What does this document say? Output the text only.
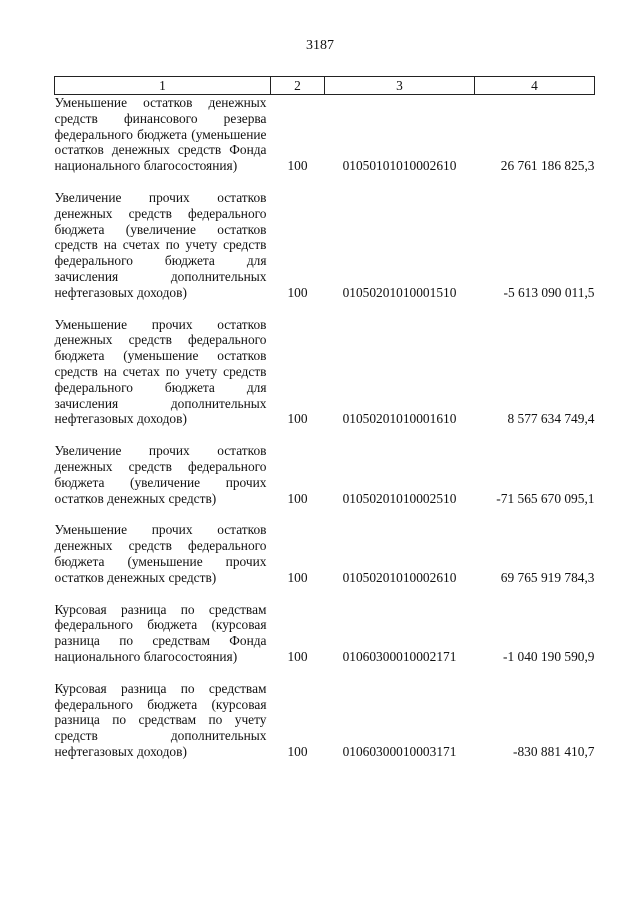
3187
1	2	3	4
Уменьшение остатков денежных средств финансового резерва федерального бюджета (уменьшение остатков денежных средств Фонда национального благосостояния)	100	01050101010002610	26 761 186 825,3
Увеличение прочих остатков денежных средств федерального бюджета (увеличение остатков средств на счетах по учету средств федерального бюджета для зачисления дополнительных нефтегазовых доходов)	100	01050201010001510	-5 613 090 011,5
Уменьшение прочих остатков денежных средств федерального бюджета (уменьшение остатков средств на счетах по учету средств федерального бюджета для зачисления дополнительных нефтегазовых доходов)	100	01050201010001610	8 577 634 749,4
Увеличение прочих остатков денежных средств федерального бюджета (увеличение прочих остатков денежных средств)	100	01050201010002510	-71 565 670 095,1
Уменьшение прочих остатков денежных средств федерального бюджета (уменьшение прочих остатков денежных средств)	100	01050201010002610	69 765 919 784,3
Курсовая разница по средствам федерального бюджета (курсовая разница по средствам Фонда национального благосостояния)	100	01060300010002171	-1 040 190 590,9
Курсовая разница по средствам федерального бюджета (курсовая разница по средствам по учету средств дополнительных нефтегазовых доходов)	100	01060300010003171	-830 881 410,7
